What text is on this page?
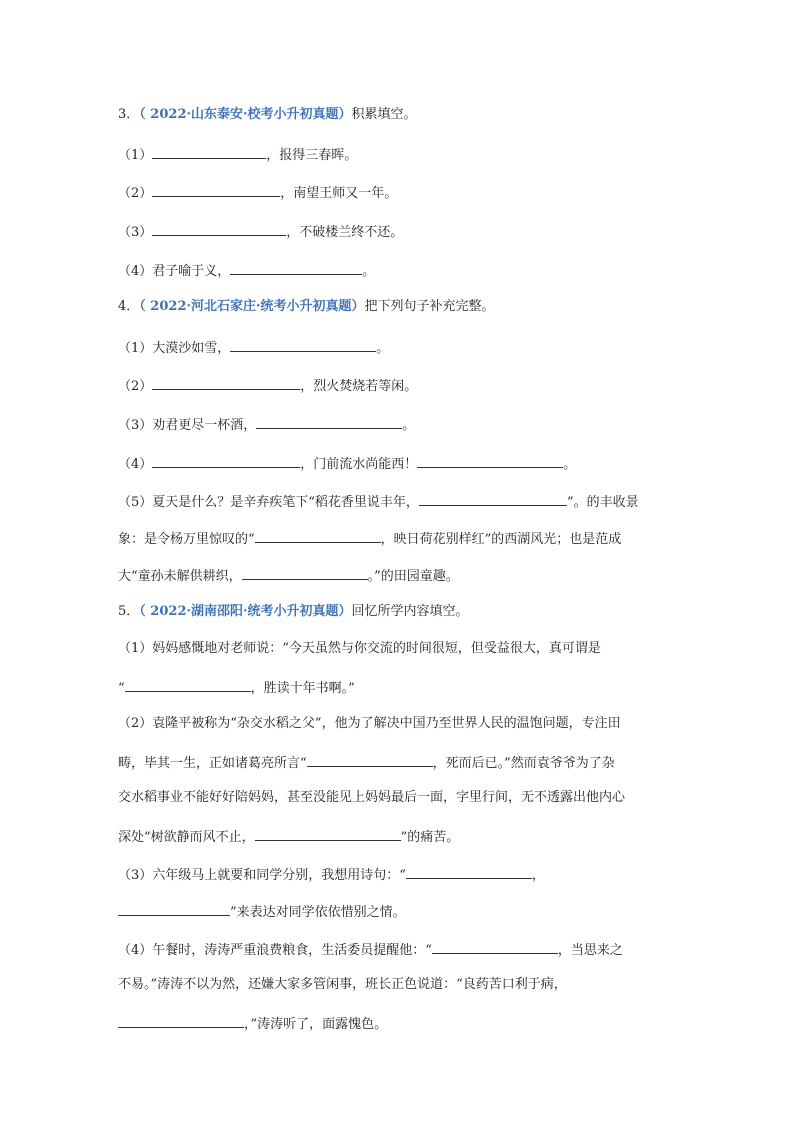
3．（ 2022·山东泰安·校考小升初真题）积累填空。
（1）	，报得三春晖。
（2）	，南望王师又一年。
（3）	，不破楼兰终不还。
（4）君子喻于义，	。
4．（ 2022·河北石家庄·统考小升初真题）把下列句子补充完整。
（1）大漠沙如雪，	。
（2）	，烈火焚烧若等闲。
（3）劝君更尽一杯酒，	。
（4）	，门前流水尚能西！	。
（5）夏天是什么？是辛弃疾笔下“稻花香里说丰年，	”。的丰收景
象：是令杨万里惊叹的“	，映日荷花别样红”的西湖风光；也是范成
大“童孙未解供耕织，	。”的田园童趣。
5．（ 2022·湖南邵阳·统考小升初真题）回忆所学内容填空。
（1）妈妈感慨地对老师说：“今天虽然与你交流的时间很短，但受益很大，真可谓是
“	，胜读十年书啊。”
（2）袁隆平被称为“杂交水稻之父”，他为了解决中国乃至世界人民的温饱问题，专注田
畴，毕其一生，正如诸葛亮所言“	，死而后已。”然而袁爷爷为了杂
交水稻事业不能好好陪妈妈，甚至没能见上妈妈最后一面，字里行间，无不透露出他内心
深处“树欲静而风不止，	”的痛苦。
（3）六年级马上就要和同学分别，我想用诗句：“	，
”来表达对同学依依惜别之情。
（4）午餐时，涛涛严重浪费粮食，生活委员提醒他：“	，当思来之
不易。”涛涛不以为然，还嫌大家多管闲事，班长正色说道：“良药苦口利于病，
，”涛涛听了，面露愧色。
